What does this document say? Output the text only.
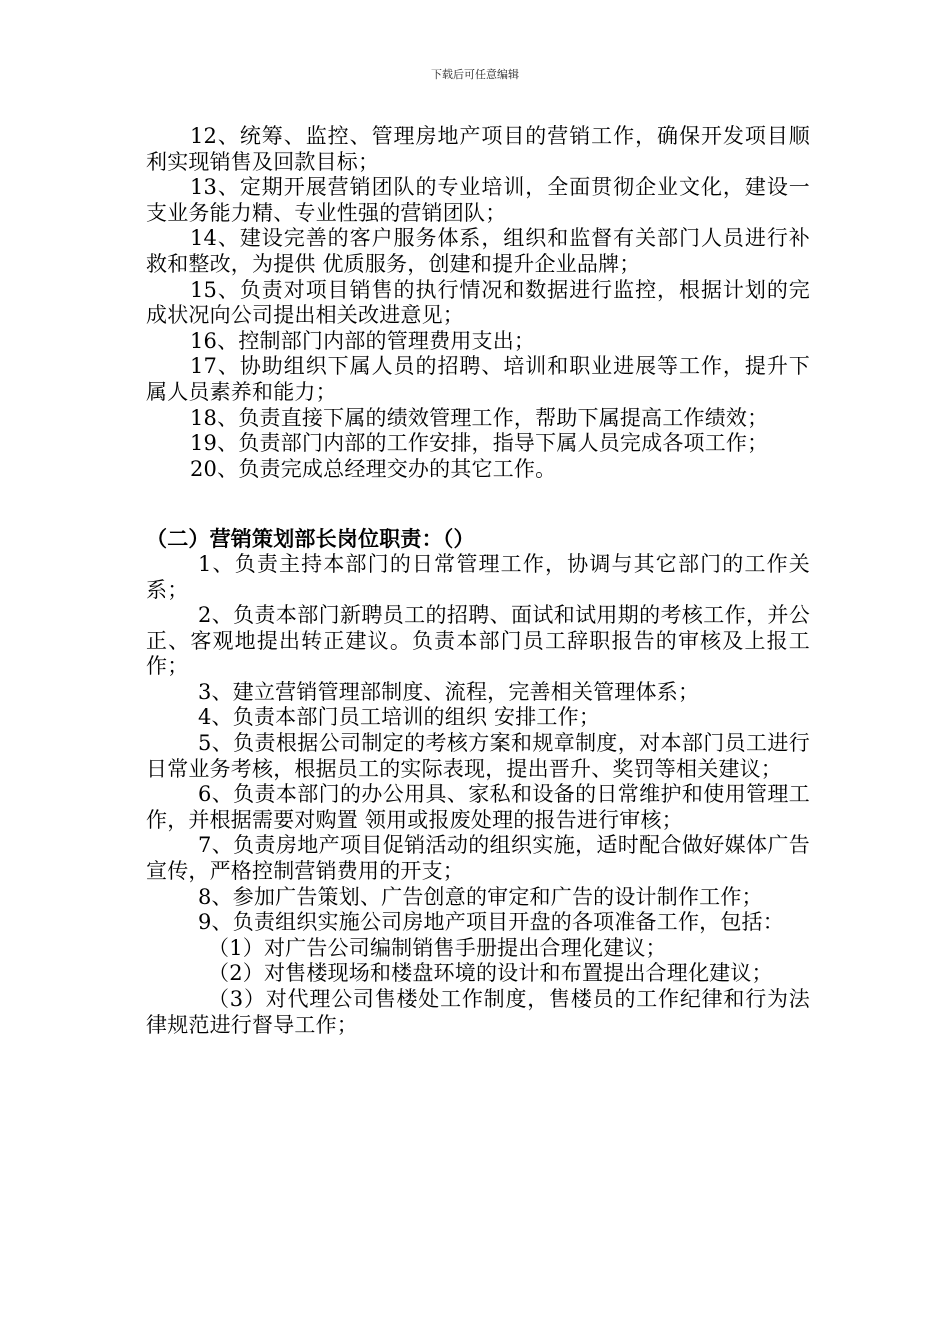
下载后可任意编辑

12、统筹、监控、管理房地产项目的营销工作，确保开发项目顺利实现销售及回款目标；

13、定期开展营销团队的专业培训，全面贯彻企业文化，建设一支业务能力精、专业性强的营销团队；

14、建设完善的客户服务体系，组织和监督有关部门人员进行补救和整改，为提供 优质服务，创建和提升企业品牌；

15、负责对项目销售的执行情况和数据进行监控，根据计划的完成状况向公司提出相关改进意见；

16、控制部门内部的管理费用支出；

17、协助组织下属人员的招聘、培训和职业进展等工作，提升下属人员素养和能力；

18、负责直接下属的绩效管理工作，帮助下属提高工作绩效；

19、负责部门内部的工作安排，指导下属人员完成各项工作；

20、负责完成总经理交办的其它工作。

（二）营销策划部长岗位职责：（）

1、负责主持本部门的日常管理工作，协调与其它部门的工作关系；

2、负责本部门新聘员工的招聘、面试和试用期的考核工作，并公正、客观地提出转正建议。负责本部门员工辞职报告的审核及上报工作；

3、建立营销管理部制度、流程，完善相关管理体系；

4、负责本部门员工培训的组织 安排工作；

5、负责根据公司制定的考核方案和规章制度，对本部门员工进行日常业务考核，根据员工的实际表现，提出晋升、奖罚等相关建议；

6、负责本部门的办公用具、家私和设备的日常维护和使用管理工作，并根据需要对购置 领用或报废处理的报告进行审核；

7、负责房地产项目促销活动的组织实施，适时配合做好媒体广告宣传，严格控制营销费用的开支；

8、参加广告策划、广告创意的审定和广告的设计制作工作；

9、负责组织实施公司房地产项目开盘的各项准备工作，包括：

（1）对广告公司编制销售手册提出合理化建议；

（2）对售楼现场和楼盘环境的设计和布置提出合理化建议；

（3）对代理公司售楼处工作制度，售楼员的工作纪律和行为法律规范进行督导工作；
